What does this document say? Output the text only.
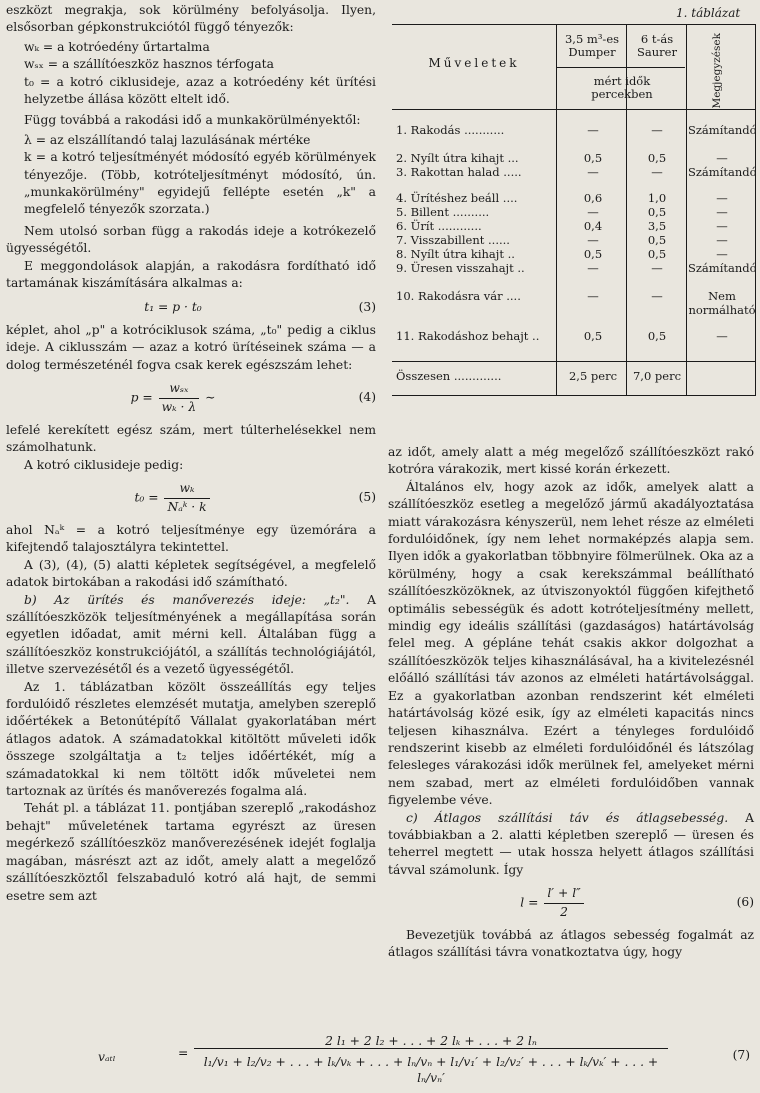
eszközt megrakja, sok körülmény befolyásolja. Ilyen, elsősorban gépkonstrukciótól függő tényezők:

wₖ = a kotróedény űrtartalma
wₛₓ = a szállítóeszköz hasznos térfogata
t₀ = a kotró ciklusideje, azaz a kotróedény két ürítési helyzetbe állása között eltelt idő.

Függ továbbá a rakodási idő a munkakörülményektől:

λ = az elszállítandó talaj lazulásának mértéke
k = a kotró teljesítményét módosító egyéb körülmények tényezője. (Több, kotróteljesítményt módosító, ún. „munkakörülmény" egyidejű fellépte esetén „k" a megfelelő tényezők szorzata.)

Nem utolsó sorban függ a rakodás ideje a kotrókezelő ügyességétől.

E meggondolások alapján, a rakodásra fordítható idő tartamának kiszámítására alkalmas a:

t₁ = p · t₀	(3)

képlet, ahol „p" a kotróciklusok száma, „t₀" pedig a ciklus ideje. A ciklusszám — azaz a kotró ürítéseinek száma — a dolog természeténél fogva csak kerek egészszám lehet:

$p = \frac{\text{wₛₓ}}{\text{wₖ · λ}}$ ∼	(4)

lefelé kerekített egész szám, mert túlterhelésekkel nem számolhatunk.

A kotró ciklusideje pedig:

$t_0 = \frac{\text{wₖ}}{\text{Nₐᵏ · k}}$	(5)

ahol Nₐᵏ = a kotró teljesítménye egy üzemórára a kifejtendő talajosztályra tekintettel.

A (3), (4), (5) alatti képletek segítségével, a megfelelő adatok birtokában a rakodási idő számítható.

b) Az ürítés és manőverezés ideje: „t₂". A szállítóeszközök teljesítményének a megállapítása során egyetlen időadat, amit mérni kell. Általában függ a szállítóeszköz konstrukciójától, a szállítás technológiájától, illetve szervezésétől és a vezető ügyességétől.

Az 1. táblázatban közölt összeállítás egy teljes fordulóidő részletes elemzését mutatja, amelyben szereplő időértékek a Betonútépítő Vállalat gyakorlatában mért átlagos adatok. A számadatokkal kitöltött műveleti idők összege szolgáltatja a t₂ teljes időértékét, míg a számadatokkal ki nem töltött idők műveletei nem tartoznak az ürítés és manőverezés fogalma alá.

Tehát pl. a táblázat 11. pontjában szereplő „rakodáshoz behajt" műveletének tartama egyrészt az üresen megérkező szállítóeszköz manőverezésének idejét foglalja magában, másrészt azt az időt, amely alatt a megelőző szállítóeszköztől felszabaduló kotró alá hajt, de semmi esetre sem azt

1. táblázat
Műveletek
3,5 m³-es Dumper
6 t-ás Saurer	Megjegyzések
mért idők percekben
1. Rakodás ...........	—	—	Számítandó
2. Nyílt útra kihajt ...	0,5	0,5	—
3. Rakottan halad .....	—	—	Számítandó
4. Ürítéshez beáll ....	0,6	1,0	—
5. Billent ..........	—	0,5	—
6. Ürít ............	0,4	3,5	—
7. Visszabillent ......	—	0,5	—
8. Nyílt útra kihajt ..	0,5	0,5	—
9. Üresen visszahajt ..	—	—	Számítandó
10. Rakodásra vár ....	—	—	Nem normálható
11. Rakodáshoz behajt ..	0,5	0,5	—
Összesen .............	2,5 perc	7,0 perc

az időt, amely alatt a még megelőző szállítóeszközt rakó kotróra várakozik, mert kissé korán érkezett.

Általános elv, hogy azok az idők, amelyek alatt a szállítóeszköz esetleg a megelőző jármű akadályoztatása miatt várakozásra kényszerül, nem lehet része az elméleti fordulóidőnek, így nem lehet normaképzés alapja sem. Ilyen idők a gyakorlatban többnyire fölmerülnek. Oka az a körülmény, hogy a csak kerekszámmal beállítható szállítóeszközöknek, az útviszonyoktól függően kifejthető optimális sebességük és adott kotróteljesítmény mellett, mindig egy ideális szállítási (gazdaságos) határtávolság felel meg. A gépláne tehát csakis akkor dolgozhat a szállítóeszközök teljes kihasználásával, ha a kivitelezésnél előálló szállítási táv azonos az elméleti határtávolsággal. Ez a gyakorlatban azonban rendszerint két elméleti határtávolság közé esik, így az elméleti kapacitás nincs teljesen kihasználva. Ezért a tényleges fordulóidő rendszerint kisebb az elméleti fordulóidőnél és látszólag felesleges várakozási idők merülnek fel, amelyeket mérni nem szabad, mert az elméleti fordulóidőben vannak figyelembe véve.

c) Átlagos szállítási táv és átlagsebesség. A továbbiakban a 2. alatti képletben szereplő — üresen és teherrel megtett — utak hossza helyett átlagos szállítási távval számolunk. Így

$l = \frac{l' + l''}{2}$	(6)

Bevezetjük továbbá az átlagos sebesség fogalmát az átlagos szállítási távra vonatkoztatva úgy, hogy

vₐₜₗ	=
2 l₁ + 2 l₂ + . . . + 2 lₖ + . . . + 2 lₙ
l₁/v₁ + l₂/v₂ + . . . + lₖ/vₖ + . . . + lₙ/vₙ + l₁/v₁′ + l₂/v₂′ + . . . + lₖ/vₖ′ + . . . + lₙ/vₙ′
(7)
